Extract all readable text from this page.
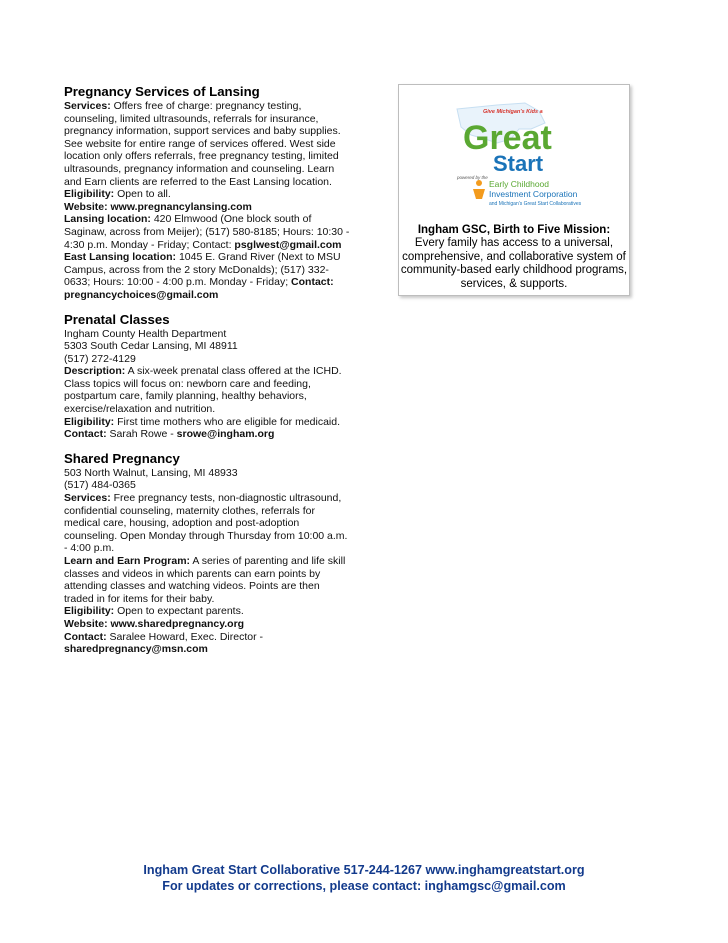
Pregnancy Services of Lansing

Services: Offers free of charge: pregnancy testing, counseling, limited ultrasounds, referrals for insurance, pregnancy information, support services and baby supplies. See website for entire range of services offered. West side location only offers referrals, free pregnancy testing, limited ultrasounds, pregnancy information and counseling. Learn and Earn clients are referred to the East Lansing location.

Eligibility: Open to all.

Website: www.pregnancylansing.com

Lansing location: 420 Elmwood (One block south of Saginaw, across from Meijer); (517) 580-8185; Hours: 10:30 - 4:30 p.m. Monday - Friday; Contact: psglwest@gmail.com

East Lansing location: 1045 E. Grand River (Next to MSU Campus, across from the 2 story McDonalds); (517) 332-0633; Hours: 10:00 - 4:00 p.m. Monday - Friday; Contact: pregnancychoices@gmail.com

Prenatal Classes

Ingham County Health Department

5303 South Cedar Lansing, MI 48911

(517) 272-4129

Description: A six-week prenatal class offered at the ICHD. Class topics will focus on: newborn care and feeding, postpartum care, family planning, healthy behaviors, exercise/relaxation and nutrition.

Eligibility: First time mothers who are eligible for medicaid.

Contact: Sarah Rowe - srowe@ingham.org

Shared Pregnancy

503 North Walnut, Lansing, MI 48933

(517) 484-0365

Services: Free pregnancy tests, non-diagnostic ultrasound, confidential counseling, maternity clothes, referrals for medical care, housing, adoption and post-adoption counseling. Open Monday through Thursday from 10:00 a.m. - 4:00 p.m.

Learn and Earn Program: A series of parenting and life skill classes and videos in which parents can earn points by attending classes and watching videos. Points are then traded in for items for their baby.

Eligibility: Open to expectant parents.

Website: www.sharedpregnancy.org

Contact: Saralee Howard, Exec. Director -

sharedpregnancy@msn.com

Give Michigan's Kids a
Great
Start
powered by the
Early Childhood
Investment Corporation
and Michigan's Great Start Collaboratives
Ingham GSC, Birth to Five Mission:
Every family has access to a universal, comprehensive, and collaborative system of community-based early childhood programs, services, & supports.
Ingham Great Start Collaborative 517-244-1267 www.inghamgreatstart.org
For updates or corrections, please contact: inghamgsc@gmail.com
